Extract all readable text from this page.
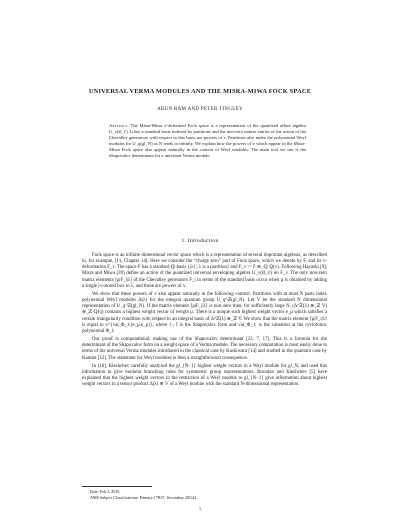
UNIVERSAL VERMA MODULES AND THE MISRA-MIWA FOCK SPACE
ARUN RAM AND PETER TINGLEY
Abstract. The Misra-Miwa v-deformed Fock space is a representation of the quantized affine algebra U_v(ŝl_ℓ). It has a standard basis indexed by partitions and the non-zero matrix entries of the action of the Chevalley generators with respect to this basis are powers of v. Partitions also index the polynomial Weyl modules for U_q(gl_N) as N tends to infinity. We explain how the powers of v which appear in the Misra-Miwa Fock space also appear naturally in the context of Weyl modules. The main tool we use is the Shapovalov determinant for a universal Verma module.
1. Introduction

Fock space is an infinite dimensional vector space which is a representation of several important algebras, as described in, for example, [11, Chapter 14]. Here we consider the “charge zero” part of Fock space, which we denote by F, and its v-deformation F_v. The space F has a standard ℚ-basis {|λ⟩ | λ is a partition} and F_v := F ⊗_ℚ ℚ(v). Following Hayashi [9], Misra and Miwa [20] define an action of the quantized universal enveloping algebra U_v(ŝl_ℓ) on F_v. The only non-zero matrix elements ⟨μ|F_i|λ⟩ of the Chevalley generators F_i in terms of the standard basis occur when μ is obtained by adding a single i-colored box to λ, and these are powers of v.

We show that these powers of v also appear naturally in the following context: Partitions with at most N parts index polynomial Weyl modules Δ(λ) for the integral quantum group U_q^ℤ(gl_N). Let V be the standard N dimensional representation of U_q^ℤ(gl_N). If the matrix element ⟨μ|F_i|λ⟩ is non-zero then, for sufficiently large N, (Δ^ℤ(λ) ⊗_ℤ V) ⊗_ℤ ℚ(q) contains a highest weight vector of weight μ. There is a unique such highest weight vector e_μ which satisfies a certain triangularity condition with respect to an integral basis of Δ^ℤ(λ) ⊗_ℤ V. We show that the matrix element ⟨μ|F_i|λ⟩ is equal to v^{val_Φ_ℓ(e_μ,e_μ)}, where ⟨·,·⟩ is the Shapovalov form and val_Φ_ℓ is the valuation at the cyclotomic polynomial Φ_ℓ.

Our proof is computational, making use of the Shapovalov determinant [23, 7, 17]. This is a formula for the determinant of the Shapovalov form on a weight space of a Verma module. The necessary computation is most easily done in terms of the universal Verma modules introduced in the classical case by Kashiwara [14] and studied in the quantum case by Kamita [12]. The statement for Weyl modules is then a straightforward consequence.

In [16], Kleshchev carefully analyzed the gl_{N−1} highest weight vectors in a Weyl module for gl_N, and used this information to give modular branching rules for symmetric group representations. Brundan and Kleshchev [5] have explained that the highest weight vectors in the restriction of a Weyl module to gl_{N−1} give information about highest weight vectors in a tensor product Δ(λ) ⊗ V of a Weyl module with the standard N-dimensional representation

Date: Feb 2, 2010.
AMS Subject Classifications: Primary 17B37; Secondary 20G42.
1
